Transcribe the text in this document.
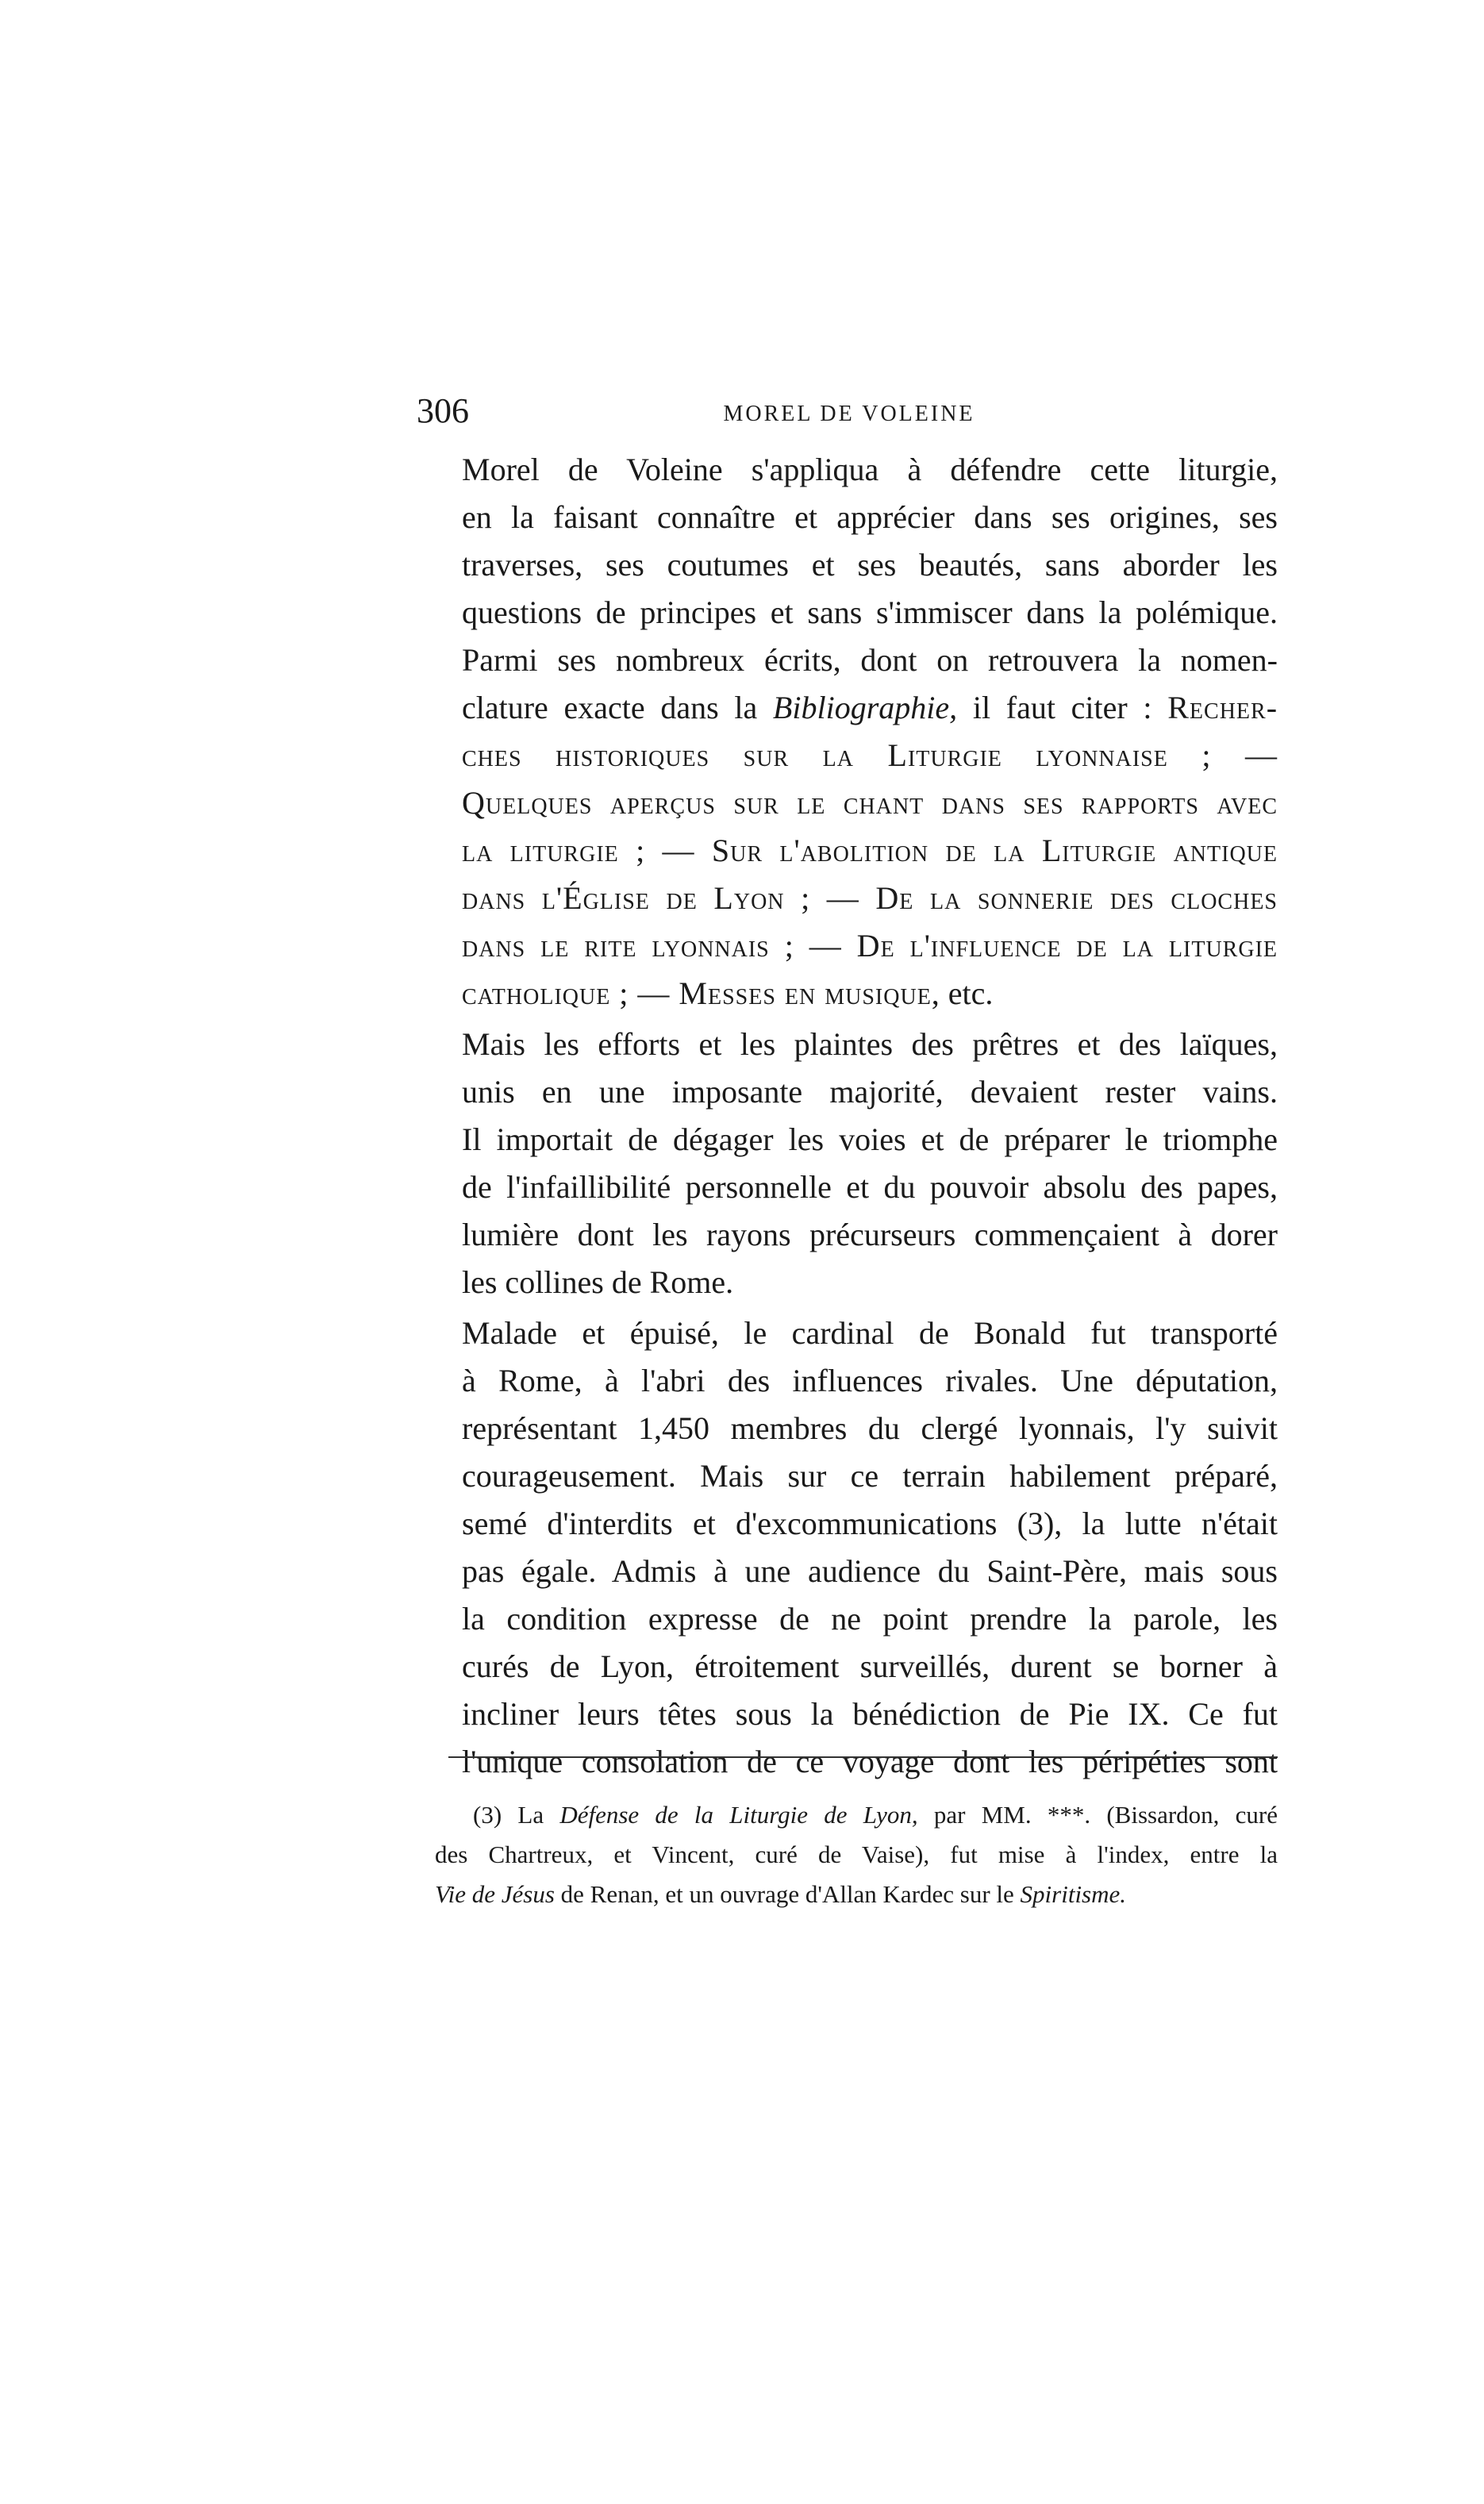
306	MOREL DE VOLEINE

Morel de Voleine s'appliqua à défendre cette liturgie,
en la faisant connaître et apprécier dans ses origines, ses
traverses, ses coutumes et ses beautés, sans aborder les
questions de principes et sans s'immiscer dans la polémique.
Parmi ses nombreux écrits, dont on retrouvera la nomen-
clature exacte dans la Bibliographie, il faut citer : Recher-
ches historiques sur la Liturgie lyonnaise ; —
Quelques aperçus sur le chant dans ses rapports avec
la liturgie ; — Sur l'abolition de la Liturgie antique
dans l'Église de Lyon ; — De la sonnerie des cloches
dans le rite lyonnais ; — De l'influence de la liturgie
catholique ; — Messes en musique, etc.

Mais les efforts et les plaintes des prêtres et des laïques,
unis en une imposante majorité, devaient rester vains.
Il importait de dégager les voies et de préparer le triomphe
de l'infaillibilité personnelle et du pouvoir absolu des papes,
lumière dont les rayons précurseurs commençaient à dorer
les collines de Rome.

Malade et épuisé, le cardinal de Bonald fut transporté
à Rome, à l'abri des influences rivales. Une députation,
représentant 1,450 membres du clergé lyonnais, l'y suivit
courageusement. Mais sur ce terrain habilement préparé,
semé d'interdits et d'excommunications (3), la lutte n'était
pas égale. Admis à une audience du Saint-Père, mais sous
la condition expresse de ne point prendre la parole, les
curés de Lyon, étroitement surveillés, durent se borner à
incliner leurs têtes sous la bénédiction de Pie IX. Ce fut
l'unique consolation de ce voyage dont les péripéties sont

(3) La Défense de la Liturgie de Lyon, par MM. ***. (Bissardon, curé
des Chartreux, et Vincent, curé de Vaise), fut mise à l'index, entre la
Vie de Jésus de Renan, et un ouvrage d'Allan Kardec sur le Spiritisme.
